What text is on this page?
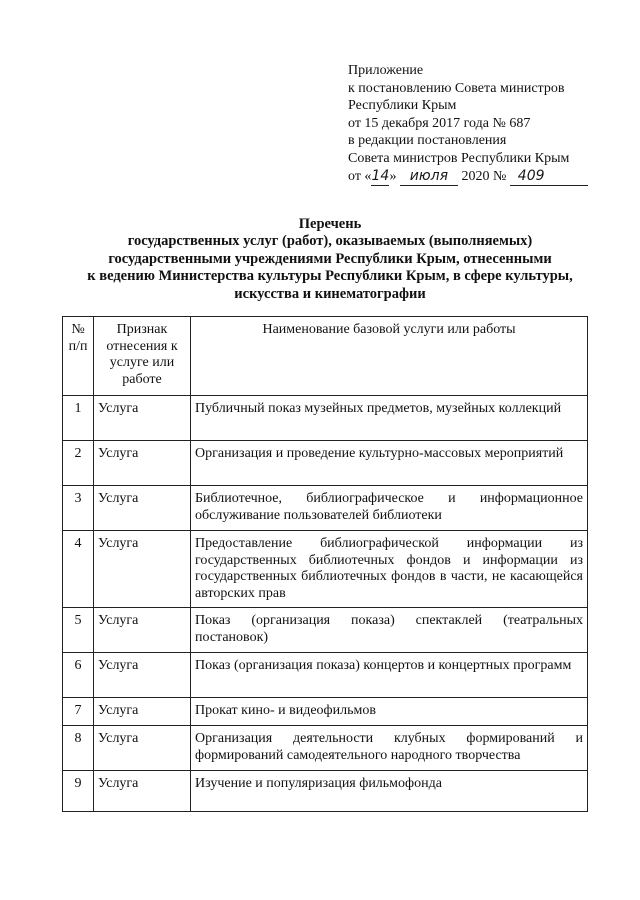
Приложение
к постановлению Совета министров
Республики Крым
от 15 декабря 2017 года № 687
в редакции постановления
Совета министров Республики Крым
от «14» июля 2020 № 409
Перечень
государственных услуг (работ), оказываемых (выполняемых)
государственными учреждениями Республики Крым, отнесенными
к ведению Министерства культуры Республики Крым, в сфере культуры,
искусства и кинематографии
№ п/п	Признак отнесения к услуге или работе	Наименование базовой услуги или работы
1	Услуга	Публичный показ музейных предметов, музейных коллекций
2	Услуга	Организация и проведение культурно-массовых мероприятий
3	Услуга	Библиотечное, библиографическое и информационное обслуживание пользователей библиотеки
4	Услуга	Предоставление библиографической информации из государственных библиотечных фондов и информации из государственных библиотечных фондов в части, не касающейся авторских прав
5	Услуга	Показ (организация показа) спектаклей (театральных постановок)
6	Услуга	Показ (организация показа) концертов и концертных программ
7	Услуга	Прокат кино- и видеофильмов
8	Услуга	Организация деятельности клубных формирований и формирований самодеятельного народного творчества
9	Услуга	Изучение и популяризация фильмофонда
